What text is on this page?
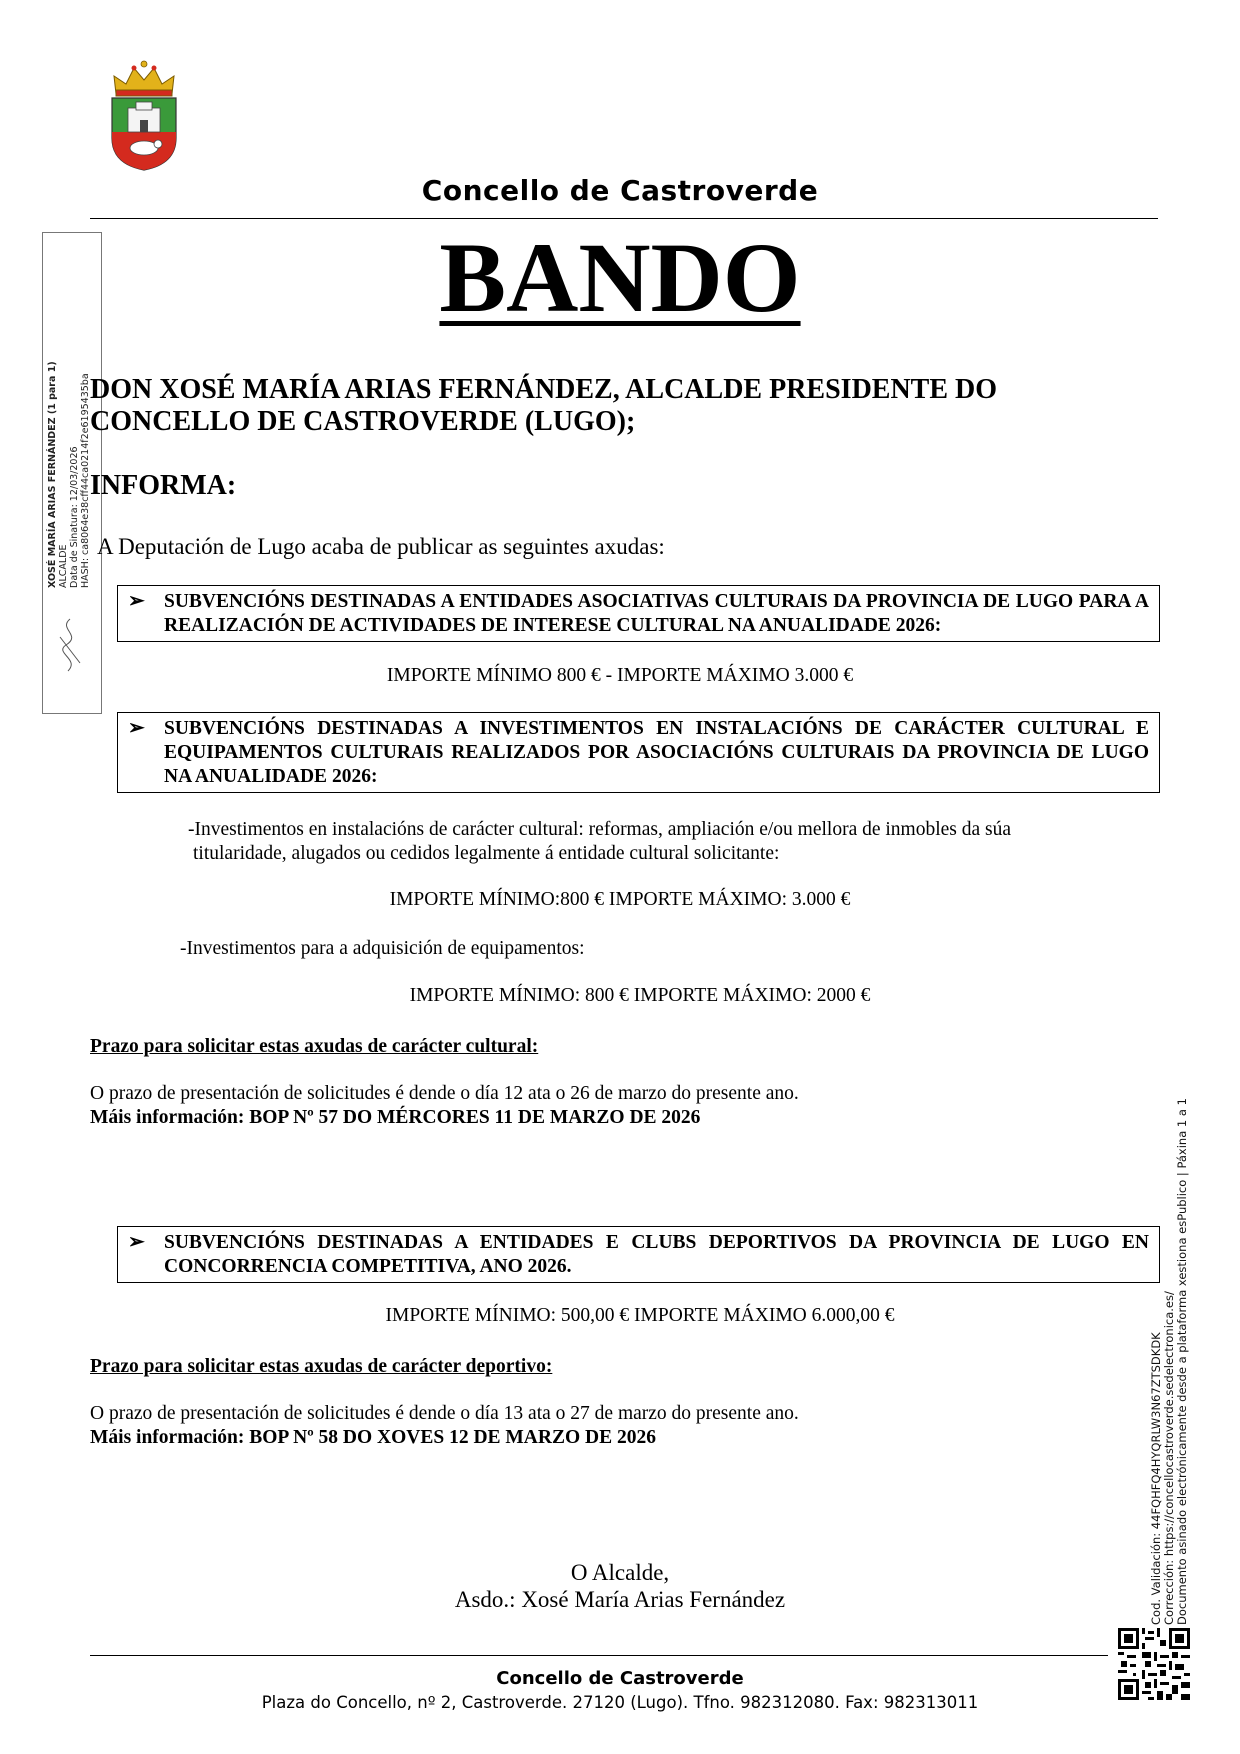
Concello de Castroverde
BANDO
XOSÉ MARÍA ARIAS FERNÁNDEZ (1 para 1) ALCALDE Data de Sinatura: 12/03/2026 HASH: ca8064e38cff44ca0214f2e6195435ba
Cod. Validación: 44FQHFQ4HYQRLW3N67ZTSDKDK Corrección: https://concellocastroverde.sedelectronica.es/ Documento asinado electrónicamente desde a plataforma xestiona esPublico | Páxina 1 a 1
DON XOSÉ MARÍA ARIAS FERNÁNDEZ, ALCALDE PRESIDENTE DO CONCELLO DE CASTROVERDE (LUGO);
INFORMA:
A Deputación de Lugo acaba de publicar as seguintes axudas:
➢ SUBVENCIÓNS DESTINADAS A ENTIDADES ASOCIATIVAS CULTURAIS DA PROVINCIA DE LUGO PARA A REALIZACIÓN DE ACTIVIDADES DE INTERESE CULTURAL NA ANUALIDADE 2026:
IMPORTE MÍNIMO 800 € - IMPORTE MÁXIMO 3.000 €
➢ SUBVENCIÓNS DESTINADAS A INVESTIMENTOS EN INSTALACIÓNS DE CARÁCTER CULTURAL E EQUIPAMENTOS CULTURAIS REALIZADOS POR ASOCIACIÓNS CULTURAIS DA PROVINCIA DE LUGO NA ANUALIDADE 2026:
-Investimentos en instalacións de carácter cultural: reformas, ampliación e/ou mellora de inmobles da súa
titularidade, alugados ou cedidos legalmente á entidade cultural solicitante:
IMPORTE MÍNIMO:800 € IMPORTE MÁXIMO: 3.000 €
-Investimentos para a adquisición de equipamentos:
IMPORTE MÍNIMO: 800 € IMPORTE MÁXIMO: 2000 €
Prazo para solicitar estas axudas de carácter cultural:
O prazo de presentación de solicitudes é dende o día 12 ata o 26 de marzo do presente ano.
Máis información: BOP Nº 57 DO MÉRCORES 11 DE MARZO DE 2026
➢ SUBVENCIÓNS DESTINADAS A ENTIDADES E CLUBS DEPORTIVOS DA PROVINCIA DE LUGO EN CONCORRENCIA COMPETITIVA, ANO 2026.
IMPORTE MÍNIMO: 500,00 € IMPORTE MÁXIMO 6.000,00 €
Prazo para solicitar estas axudas de carácter deportivo:
O prazo de presentación de solicitudes é dende o día 13 ata o 27 de marzo do presente ano.
Máis información: BOP Nº 58 DO XOVES 12 DE MARZO DE 2026
O Alcalde,
Asdo.: Xosé María Arias Fernández
Concello de Castroverde
Plaza do Concello, nº 2, Castroverde. 27120 (Lugo). Tfno. 982312080. Fax: 982313011
